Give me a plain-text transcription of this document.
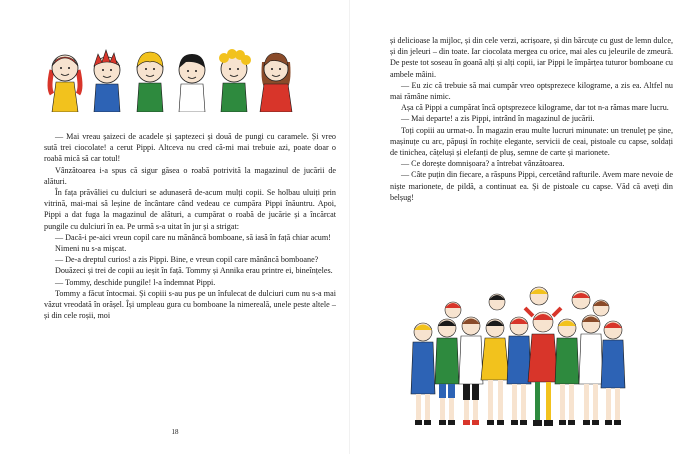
— Mai vreau șaizeci de acadele și șaptezeci și două de pungi cu caramele. Și vreo sută trei ciocolate! a cerut Pippi. Altceva nu cred că-mi mai trebuie azi, poate doar o roabă mică să car totul!

Vânzătoarea i-a spus că sigur găsea o roabă potrivită la magazinul de jucării de alături.

În fața prăvăliei cu dulciuri se adunaseră de-acum mulți copii. Se holbau uluiți prin vitrină, mai-mai să leșine de încântare când vedeau ce cumpăra Pippi înăuntru. Apoi, Pippi a dat fuga la magazinul de alături, a cumpărat o roabă de jucărie și a încărcat pungile cu dulciuri în ea. Pe urmă s-a uitat în jur și a strigat:

— Dacă-i pe-aici vreun copil care nu mănâncă bomboane, să iasă în față chiar acum!

Nimeni nu s-a mișcat.

— De-a dreptul curios! a zis Pippi. Bine, e vreun copil care mănâncă bomboane?

Douăzeci și trei de copii au ieșit în față. Tommy și Annika erau printre ei, bineînțeles.

— Tommy, deschide pungile! l-a îndemnat Pippi.

Tommy a făcut întocmai. Și copiii s-au pus pe un înfulecat de dulciuri cum nu s-a mai văzut vreodată în orășel. Își umpleau gura cu bomboane la nimereală, unele peste altele – și din cele roșii, moi

18

și delicioase la mijloc, și din cele verzi, acrișoare, și din bărcuțe cu gust de lemn dulce, și din jeleuri – din toate. Iar ciocolata mergea cu orice, mai ales cu jeleurile de zmeură. De peste tot soseau în goană alți și alți copii, iar Pippi le împărțea tuturor bomboane cu ambele mâini.

— Eu zic că trebuie să mai cumpăr vreo optsprezece kilograme, a zis ea. Altfel nu mai rămâne nimic.

Așa că Pippi a cumpărat încă optsprezece kilograme, dar tot n-a rămas mare lucru.

— Mai departe! a zis Pippi, intrând în magazinul de jucării.

Toți copiii au urmat-o. În magazin erau multe lucruri minunate: un trenuleț pe șine, mașinuțe cu arc, păpuși în rochițe elegante, servicii de ceai, pistoale cu capse, soldați de tinichea, cățeluși și elefanți de pluș, semne de carte și marionete.

— Ce dorește domnișoara? a întrebat vânzătoarea.

— Câte puțin din fiecare, a răspuns Pippi, cercetând rafturile. Avem mare nevoie de niște marionete, de pildă, a continuat ea. Și de pistoale cu capse. Văd că aveți din belșug!
